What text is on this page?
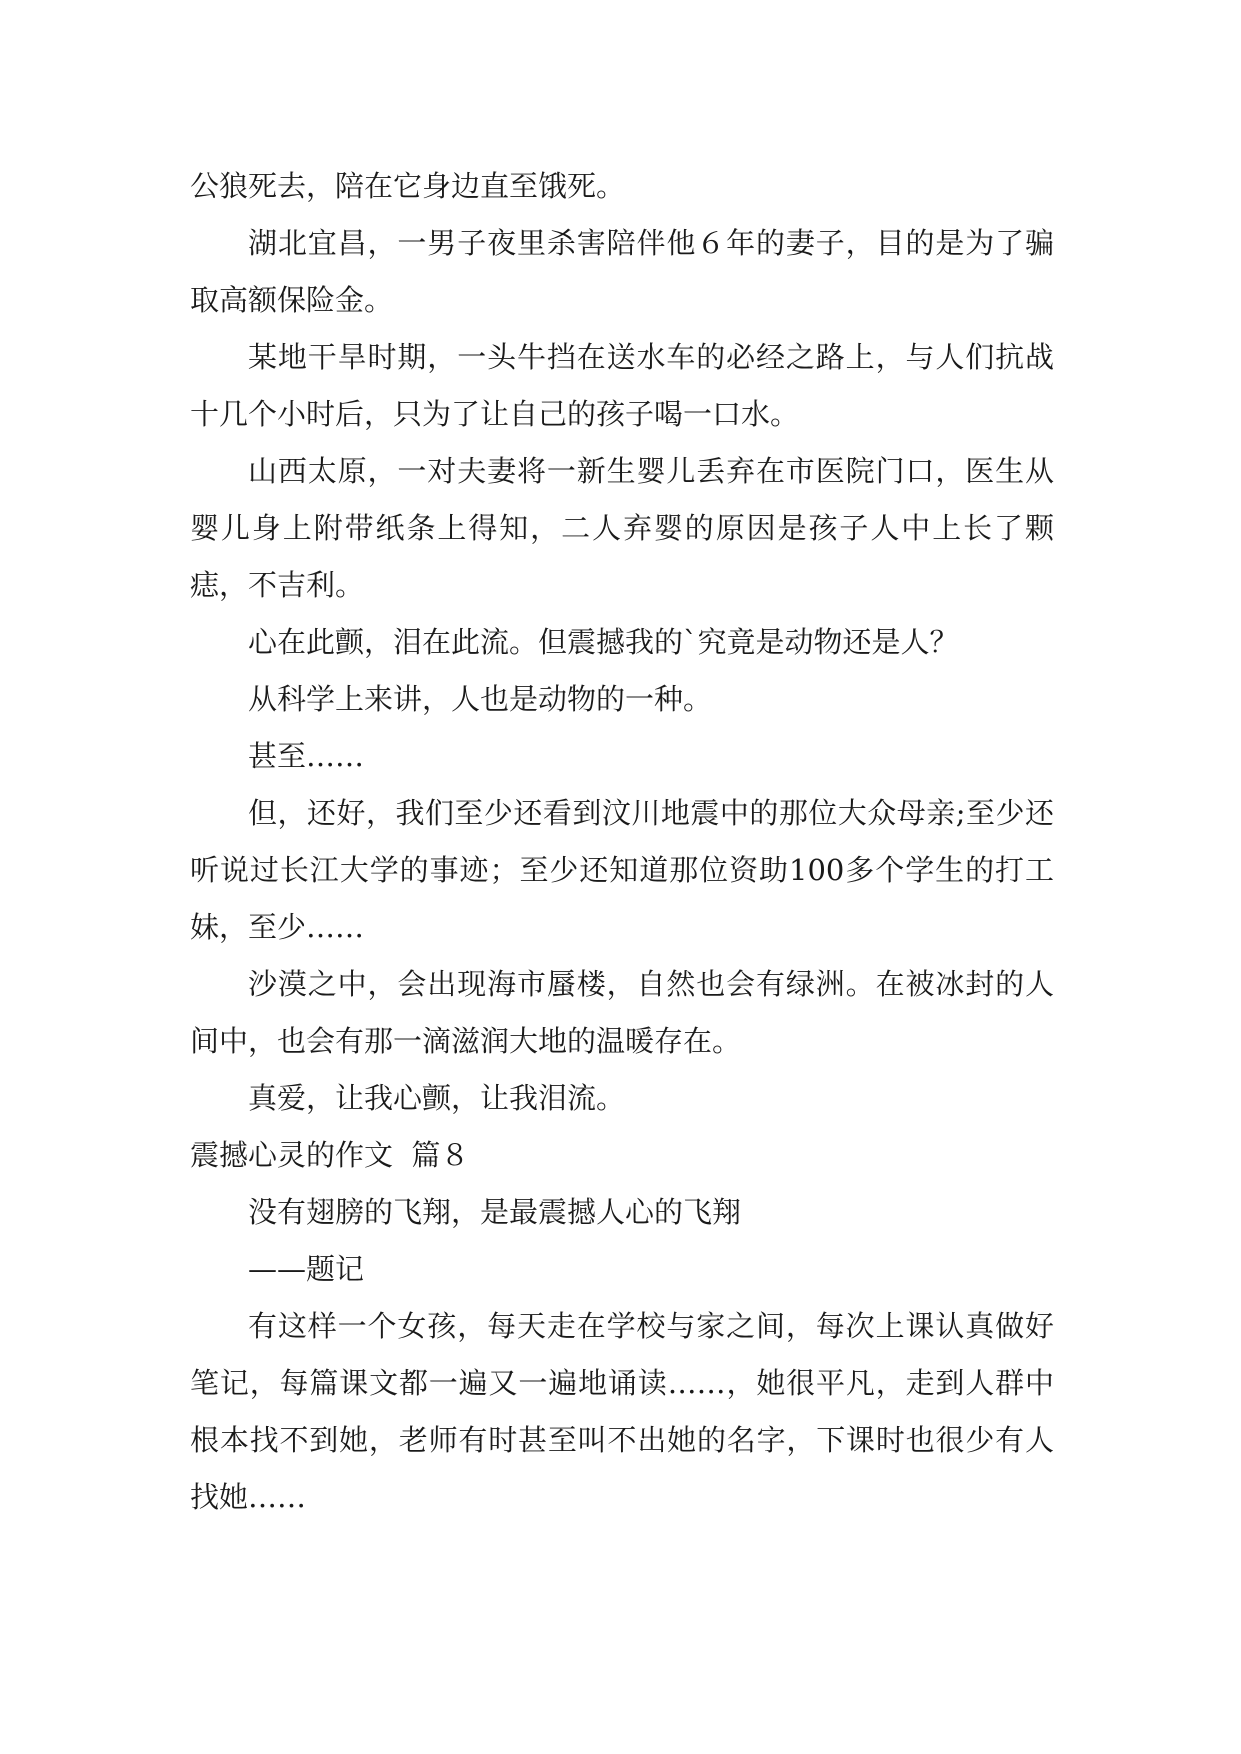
公狼死去，陪在它身边直至饿死。

湖北宜昌，一男子夜里杀害陪伴他６年的妻子，目的是为了骗取高额保险金。

某地干旱时期，一头牛挡在送水车的必经之路上，与人们抗战十几个小时后，只为了让自己的孩子喝一口水。

山西太原，一对夫妻将一新生婴儿丢弃在市医院门口，医生从婴儿身上附带纸条上得知，二人弃婴的原因是孩子人中上长了颗痣，不吉利。

心在此颤，泪在此流。但震撼我的`究竟是动物还是人？

从科学上来讲，人也是动物的一种。

甚至……

但，还好，我们至少还看到汶川地震中的那位大众母亲;至少还听说过长江大学的事迹；至少还知道那位资助100多个学生的打工妹，至少……

沙漠之中，会出现海市蜃楼，自然也会有绿洲。在被冰封的人间中，也会有那一滴滋润大地的温暖存在。

真爱，让我心颤，让我泪流。

震撼心灵的作文  篇８

没有翅膀的飞翔，是最震撼人心的飞翔

——题记

有这样一个女孩，每天走在学校与家之间，每次上课认真做好笔记，每篇课文都一遍又一遍地诵读……，她很平凡，走到人群中根本找不到她，老师有时甚至叫不出她的名字，下课时也很少有人找她……
